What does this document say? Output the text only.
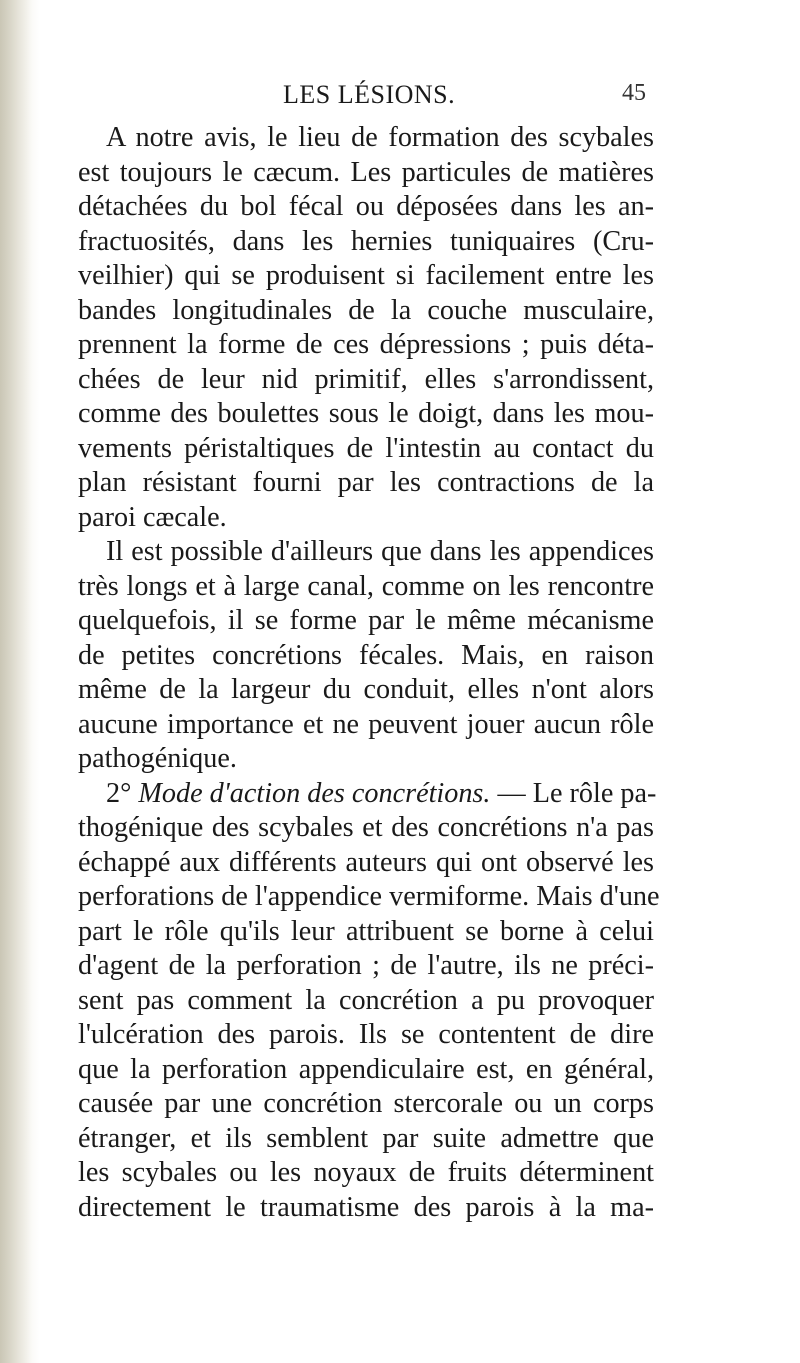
LES LÉSIONS.	45
A notre avis, le lieu de formation des scybales
est toujours le cæcum. Les particules de matières
détachées du bol fécal ou déposées dans les an-
fractuosités, dans les hernies tuniquaires (Cru-
veilhier) qui se produisent si facilement entre les
bandes longitudinales de la couche musculaire,
prennent la forme de ces dépressions ; puis déta-
chées de leur nid primitif, elles s'arrondissent,
comme des boulettes sous le doigt, dans les mou-
vements péristaltiques de l'intestin au contact du
plan résistant fourni par les contractions de la
paroi cæcale.
Il est possible d'ailleurs que dans les appendices
très longs et à large canal, comme on les rencontre
quelquefois, il se forme par le même mécanisme
de petites concrétions fécales. Mais, en raison
même de la largeur du conduit, elles n'ont alors
aucune importance et ne peuvent jouer aucun rôle
pathogénique.
2° Mode d'action des concrétions. — Le rôle pa-
thogénique des scybales et des concrétions n'a pas
échappé aux différents auteurs qui ont observé les
perforations de l'appendice vermiforme. Mais d'une
part le rôle qu'ils leur attribuent se borne à celui
d'agent de la perforation ; de l'autre, ils ne préci-
sent pas comment la concrétion a pu provoquer
l'ulcération des parois. Ils se contentent de dire
que la perforation appendiculaire est, en général,
causée par une concrétion stercorale ou un corps
étranger, et ils semblent par suite admettre que
les scybales ou les noyaux de fruits déterminent
directement le traumatisme des parois à la ma-
